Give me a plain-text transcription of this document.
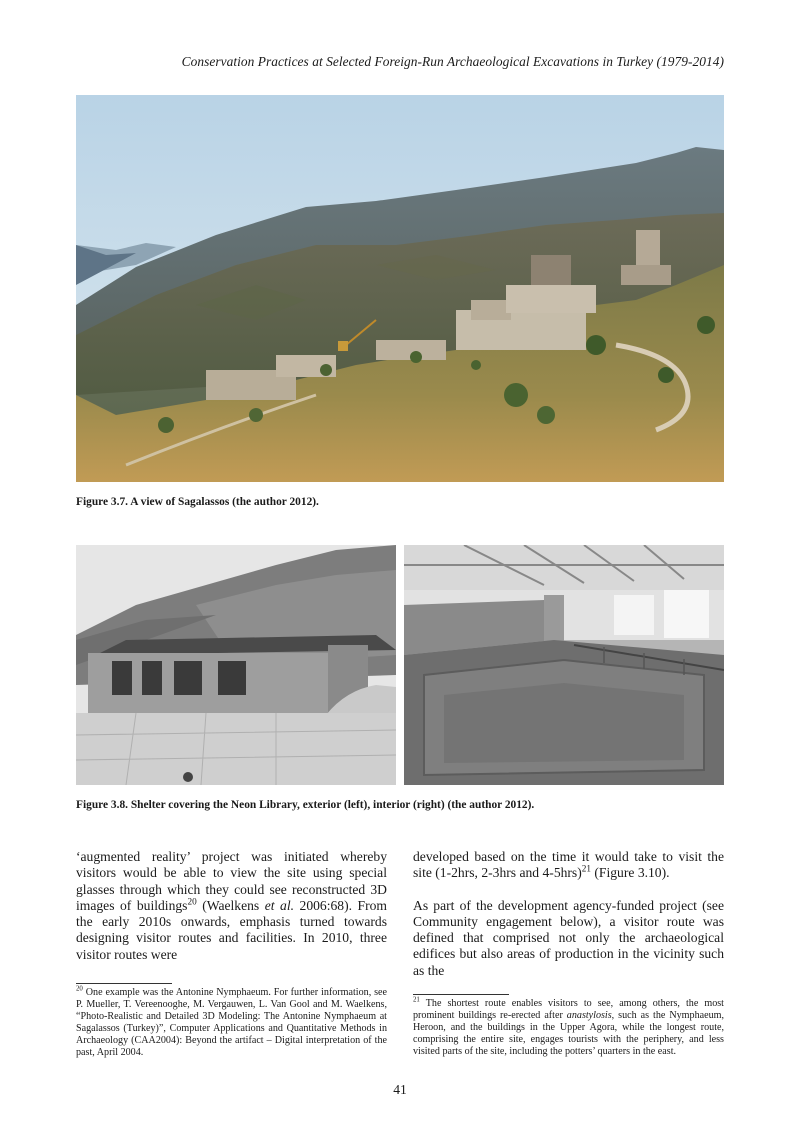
Conservation Practices at Selected Foreign-Run Archaeological Excavations in Turkey (1979-2014)
Figure 3.7. A view of Sagalassos (the author 2012).
Figure 3.8. Shelter covering the Neon Library, exterior (left), interior (right) (the author 2012).

‘augmented reality’ project was initiated whereby visitors would be able to view the site using special glasses through which they could see reconstructed 3D images of buildings$^{20}$ (Waelkens et al. 2006:68). From the early 2010s onwards, emphasis turned towards designing visitor routes and facilities. In 2010, three visitor routes were

developed based on the time it would take to visit the site (1-2hrs, 2-3hrs and 4-5hrs)$^{21}$ (Figure 3.10).

As part of the development agency-funded project (see Community engagement below), a visitor route was defined that comprised not only the archaeological edifices but also areas of production in the vicinity such as the

$^{20}$ One example was the Antonine Nymphaeum. For further information, see P. Mueller, T. Vereenooghe, M. Vergauwen, L. Van Gool and M. Waelkens, “Photo-Realistic and Detailed 3D Modeling: The Antonine Nymphaeum at Sagalassos (Turkey)”, Computer Applications and Quantitative Methods in Archaeology (CAA2004): Beyond the artifact – Digital interpretation of the past, April 2004.

$^{21}$ The shortest route enables visitors to see, among others, the most prominent buildings re-erected after anastylosis, such as the Nymphaeum, Heroon, and the buildings in the Upper Agora, while the longest route, comprising the entire site, engages tourists with the periphery, and less visited parts of the site, including the potters’ quarters in the east.

41
